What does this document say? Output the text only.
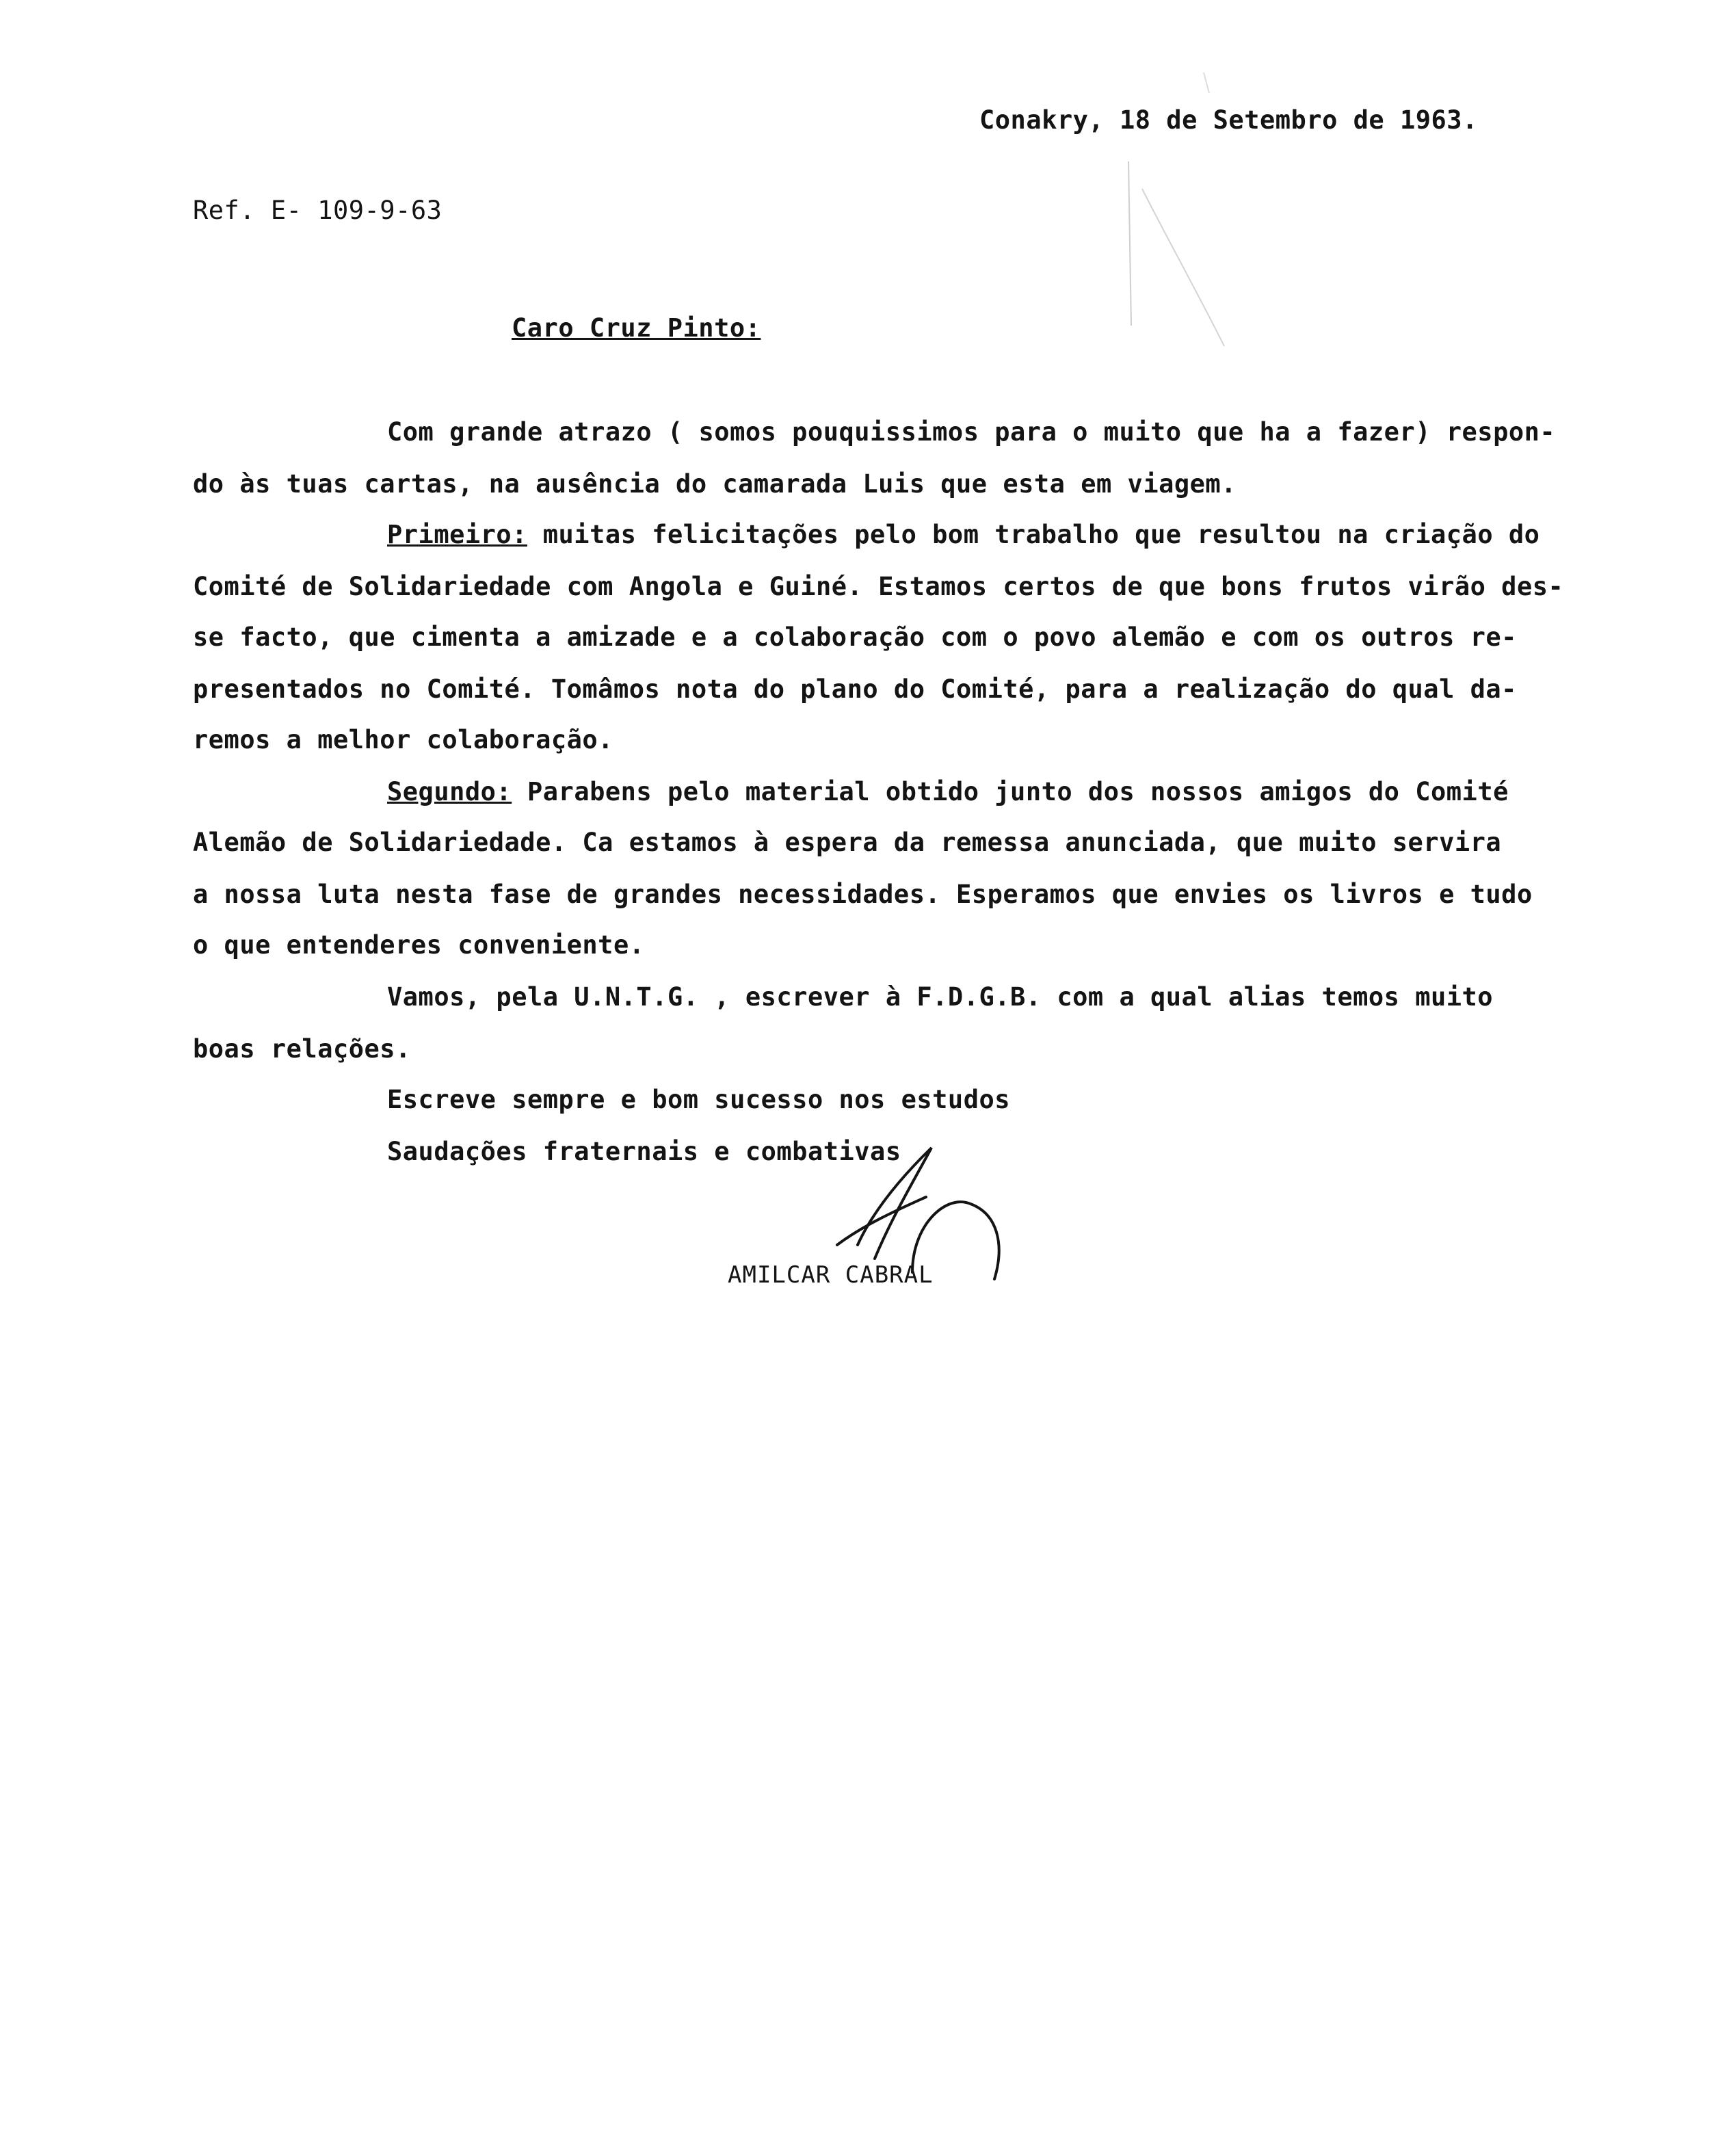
Conakry, 18 de Setembro de 1963.
Ref. E- 109-9-63
Caro Cruz Pinto:
Com grande atrazo ( somos pouquissimos para o muito que ha a fazer) respon-
do às tuas cartas, na ausência do camarada Luis que esta em viagem.
Primeiro: muitas felicitações pelo bom trabalho que resultou na criação do
Comité de Solidariedade com Angola e Guiné. Estamos certos de que bons frutos virão des-
se facto, que cimenta a amizade e a colaboração com o povo alemão e com os outros re-
presentados no Comité. Tomâmos nota do plano do Comité, para a realização do qual da-
remos a melhor colaboração.
Segundo: Parabens pelo material obtido junto dos nossos amigos do Comité
Alemão de Solidariedade. Ca estamos à espera da remessa anunciada, que muito servira
a nossa luta nesta fase de grandes necessidades. Esperamos que envies os livros e tudo
o que entenderes conveniente.
Vamos, pela U.N.T.G. , escrever à F.D.G.B. com a qual alias temos muito
boas relações.
Escreve sempre e bom sucesso nos estudos
Saudações fraternais e combativas
AMILCAR CABRAL
